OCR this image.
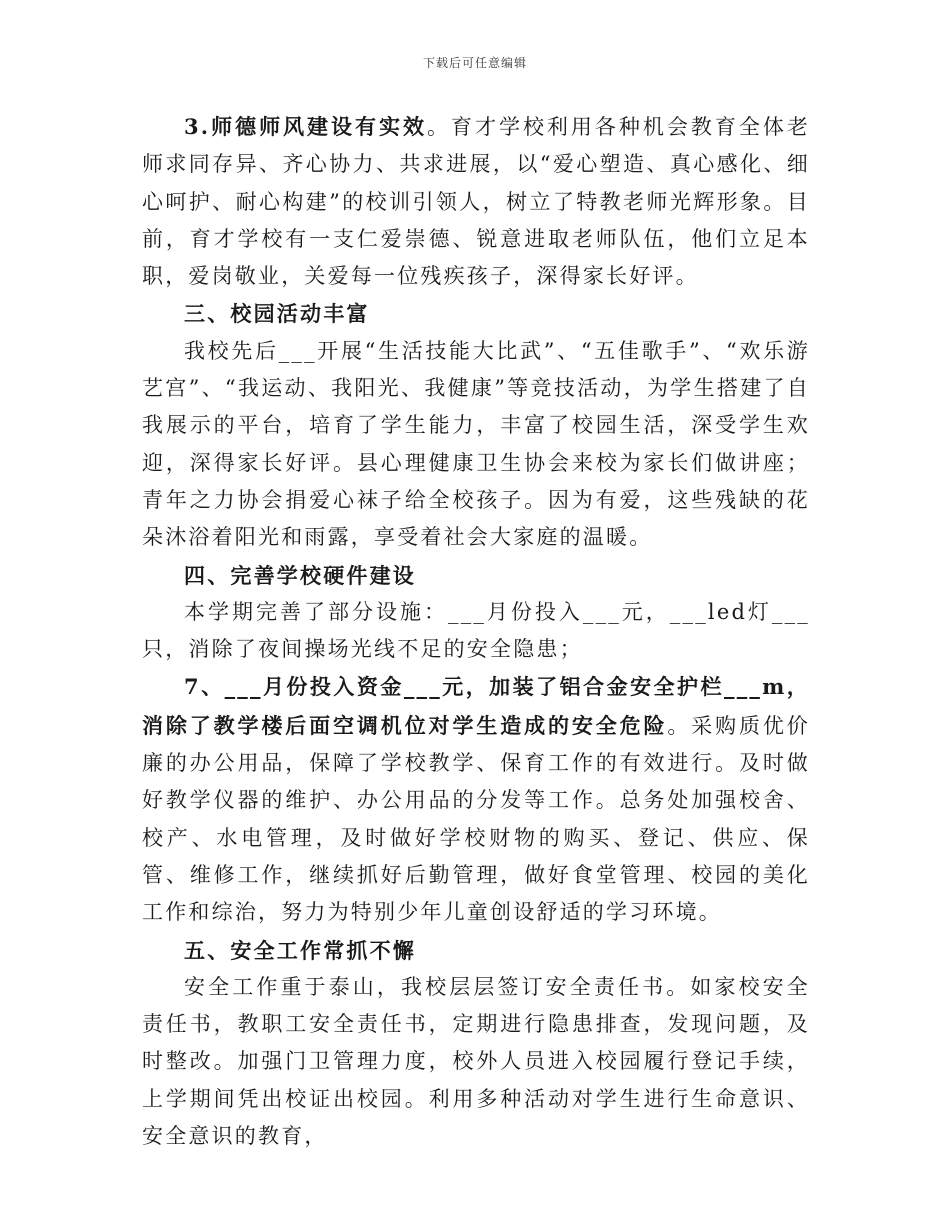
下载后可任意编辑

3.师德师风建设有实效。育才学校利用各种机会教育全体老师求同存异、齐心协力、共求进展，以“爱心塑造、真心感化、细心呵护、耐心构建”的校训引领人，树立了特教老师光辉形象。目前，育才学校有一支仁爱崇德、锐意进取老师队伍，他们立足本职，爱岗敬业，关爱每一位残疾孩子，深得家长好评。

三、校园活动丰富

我校先后___开展“生活技能大比武”、“五佳歌手”、“欢乐游艺宫”、“我运动、我阳光、我健康”等竞技活动，为学生搭建了自我展示的平台，培育了学生能力，丰富了校园生活，深受学生欢迎，深得家长好评。县心理健康卫生协会来校为家长们做讲座；青年之力协会捐爱心袜子给全校孩子。因为有爱，这些残缺的花朵沐浴着阳光和雨露，享受着社会大家庭的温暖。

四、完善学校硬件建设

本学期完善了部分设施：___月份投入___元，___led灯___只，消除了夜间操场光线不足的安全隐患；

7、___月份投入资金___元，加装了铝合金安全护栏___m，消除了教学楼后面空调机位对学生造成的安全危险。采购质优价廉的办公用品，保障了学校教学、保育工作的有效进行。及时做好教学仪器的维护、办公用品的分发等工作。总务处加强校舍、校产、水电管理，及时做好学校财物的购买、登记、供应、保管、维修工作，继续抓好后勤管理，做好食堂管理、校园的美化工作和综治，努力为特别少年儿童创设舒适的学习环境。

五、安全工作常抓不懈

安全工作重于泰山，我校层层签订安全责任书。如家校安全责任书，教职工安全责任书，定期进行隐患排查，发现问题，及时整改。加强门卫管理力度，校外人员进入校园履行登记手续，上学期间凭出校证出校园。利用多种活动对学生进行生命意识、安全意识的教育，
